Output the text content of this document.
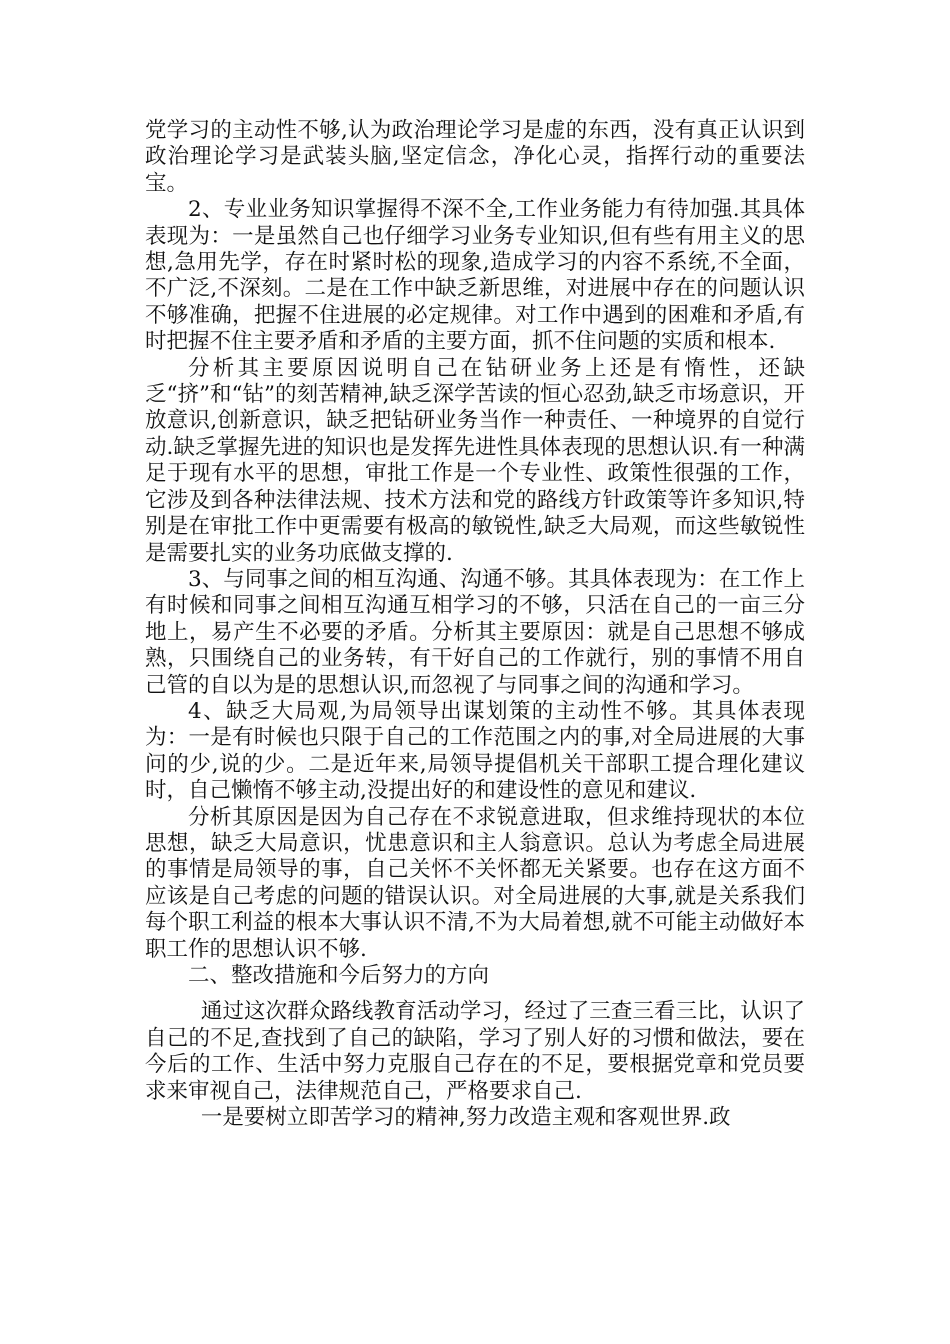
党学习的主动性不够,认为政治理论学习是虚的东西，没有真正认识到政治理论学习是武装头脑,坚定信念，净化心灵，指挥行动的重要法宝。

2、专业业务知识掌握得不深不全,工作业务能力有待加强.其具体表现为：一是虽然自己也仔细学习业务专业知识,但有些有用主义的思想,急用先学，存在时紧时松的现象,造成学习的内容不系统,不全面，不广泛,不深刻。二是在工作中缺乏新思维，对进展中存在的问题认识不够准确，把握不住进展的必定规律。对工作中遇到的困难和矛盾,有时把握不住主要矛盾和矛盾的主要方面，抓不住问题的实质和根本.

分析其主要原因说明自己在钻研业务上还是有惰性，还缺乏“挤”和“钻”的刻苦精神,缺乏深学苦读的恒心忍劲,缺乏市场意识，开放意识,创新意识，缺乏把钻研业务当作一种责任、一种境界的自觉行动.缺乏掌握先进的知识也是发挥先进性具体表现的思想认识.有一种满足于现有水平的思想，审批工作是一个专业性、政策性很强的工作，它涉及到各种法律法规、技术方法和党的路线方针政策等许多知识,特别是在审批工作中更需要有极高的敏锐性,缺乏大局观，而这些敏锐性是需要扎实的业务功底做支撑的.

3、与同事之间的相互沟通、沟通不够。其具体表现为：在工作上有时候和同事之间相互沟通互相学习的不够，只活在自己的一亩三分地上，易产生不必要的矛盾。分析其主要原因：就是自己思想不够成熟，只围绕自己的业务转，有干好自己的工作就行，别的事情不用自己管的自以为是的思想认识,而忽视了与同事之间的沟通和学习。

4、缺乏大局观,为局领导出谋划策的主动性不够。其具体表现为：一是有时候也只限于自己的工作范围之内的事,对全局进展的大事问的少,说的少。二是近年来,局领导提倡机关干部职工提合理化建议时，自己懒惰不够主动,没提出好的和建设性的意见和建议.

分析其原因是因为自己存在不求锐意进取，但求维持现状的本位思想，缺乏大局意识，忧患意识和主人翁意识。总认为考虑全局进展的事情是局领导的事，自己关怀不关怀都无关紧要。也存在这方面不应该是自己考虑的问题的错误认识。对全局进展的大事,就是关系我们每个职工利益的根本大事认识不清,不为大局着想,就不可能主动做好本职工作的思想认识不够.

二、整改措施和今后努力的方向

通过这次群众路线教育活动学习，经过了三查三看三比，认识了自己的不足,查找到了自己的缺陷，学习了别人好的习惯和做法，要在今后的工作、生活中努力克服自己存在的不足，要根据党章和党员要求来审视自己，法律规范自己，严格要求自己.

一是要树立即苦学习的精神,努力改造主观和客观世界.政
